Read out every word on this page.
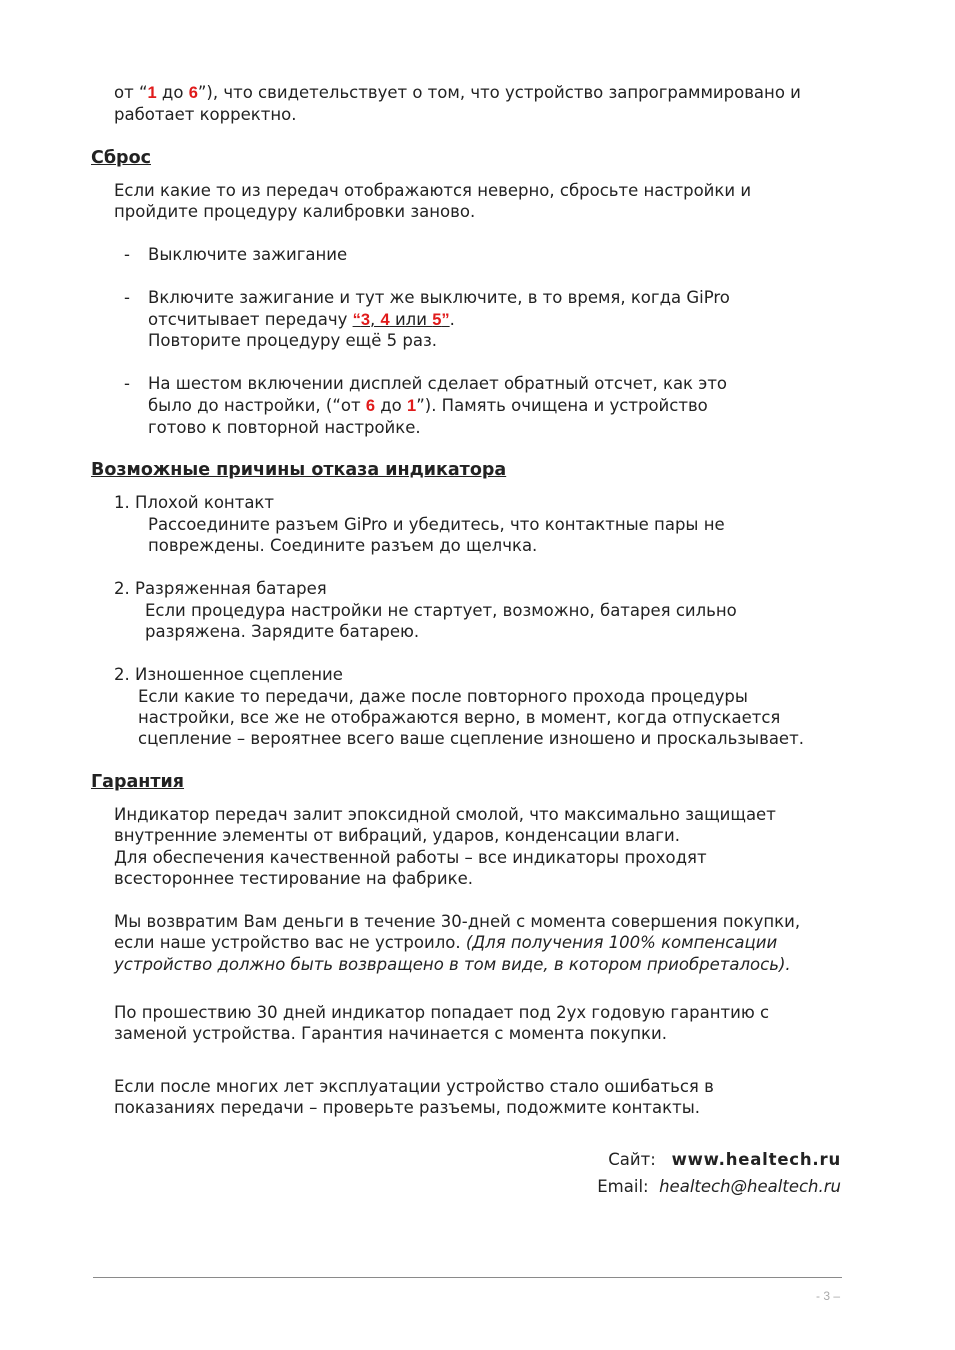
от “1 до 6”), что свидетельствует о том, что устройство запрограммировано и

работает корректно.

Сброс

Если какие то из передач отображаются неверно, сбросьте настройки и

пройдите процедуру калибровки заново.

- Выключите зажигание

- Включите зажигание и тут же выключите, в то время, когда GiPro

отсчитывает передачу “3, 4 или 5”.

Повторите процедуру ещё 5 раз.

- На шестом включении дисплей сделает обратный отсчет, как это

было до настройки, (“от 6 до 1”). Память очищена и устройство

готово к повторной настройке.

Возможные причины отказа индикатора

1. Плохой контакт

Рассоедините разъем GiPro и убедитесь, что контактные пары не

повреждены. Соедините разъем до щелчка.

2. Разряженная батарея

Если процедура настройки не стартует, возможно, батарея сильно

разряжена. Зарядите батарею.

2. Изношенное сцепление

Если какие то передачи, даже после повторного прохода процедуры

настройки, все же не отображаются верно, в момент, когда отпускается

сцепление – вероятнее всего ваше сцепление изношено и проскальзывает.

Гарантия

Индикатор передач залит эпоксидной смолой, что максимально защищает

внутренние элементы от вибраций, ударов, конденсации влаги.

Для обеспечения качественной работы – все индикаторы проходят

всестороннее тестирование на фабрике.

Мы возвратим Вам деньги в течение 30-дней с момента совершения покупки,

если наше устройство вас не устроило. (Для получения 100% компенсации

устройство должно быть возвращено в том виде, в котором приобреталось).

По прошествию 30 дней индикатор попадает под 2ух годовую гарантию с

заменой устройства. Гарантия начинается с момента покупки.

Если после многих лет эксплуатации устройство стало ошибаться в

показаниях передачи – проверьте разъемы, подожмите контакты.

Сайт: www.healtech.ru
Email: healtech@healtech.ru
- 3 –
